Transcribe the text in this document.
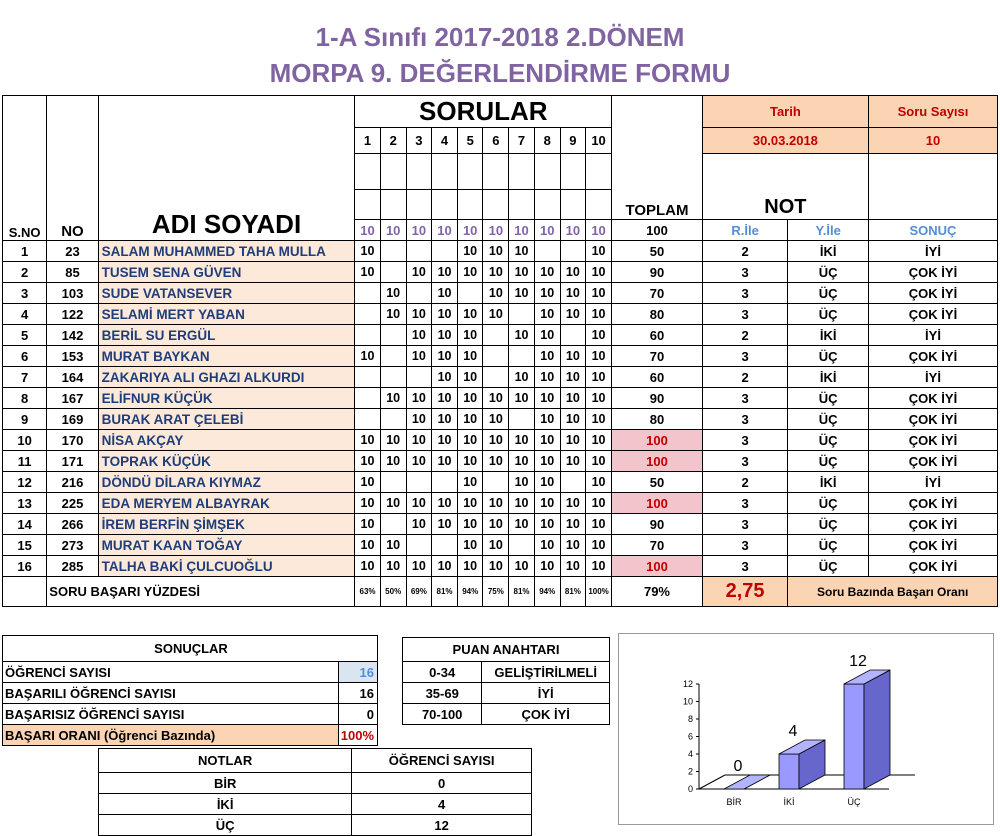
1-A Sınıfı 2017-2018 2.DÖNEM
MORPA 9. DEĞERLENDİRME FORMU
S.NO	NO	ADI SOYADI	SORULAR										TOPLAM	Tarih		Soru Sayısı
			1	2	3	4	5	6	7	8	9	10		30.03.2018		10
														NOT		

			10	10	10	10	10	10	10	10	10	10	100	R.İle	Y.İle	SONUÇ
1	23	SALAM MUHAMMED TAHA MULLA	10				10	10	10			10	50	2	İKİ	İYİ
2	85	TUSEM SENA GÜVEN	10		10	10	10	10	10	10	10	10	90	3	ÜÇ	ÇOK İYİ
3	103	SUDE VATANSEVER		10		10		10	10	10	10	10	70	3	ÜÇ	ÇOK İYİ
4	122	SELAMİ MERT YABAN		10	10	10	10	10		10	10	10	80	3	ÜÇ	ÇOK İYİ
5	142	BERİL SU ERGÜL			10	10	10		10	10		10	60	2	İKİ	İYİ
6	153	MURAT BAYKAN	10		10	10	10			10	10	10	70	3	ÜÇ	ÇOK İYİ
7	164	ZAKARIYA ALI GHAZI ALKURDI				10	10		10	10	10	10	60	2	İKİ	İYİ
8	167	ELİFNUR KÜÇÜK		10	10	10	10	10	10	10	10	10	90	3	ÜÇ	ÇOK İYİ
9	169	BURAK ARAT ÇELEBİ			10	10	10	10		10	10	10	80	3	ÜÇ	ÇOK İYİ
10	170	NİSA AKÇAY	10	10	10	10	10	10	10	10	10	10	100	3	ÜÇ	ÇOK İYİ
11	171	TOPRAK KÜÇÜK	10	10	10	10	10	10	10	10	10	10	100	3	ÜÇ	ÇOK İYİ
12	216	DÖNDÜ DİLARA KIYMAZ	10				10		10	10		10	50	2	İKİ	İYİ
13	225	EDA MERYEM ALBAYRAK	10	10	10	10	10	10	10	10	10	10	100	3	ÜÇ	ÇOK İYİ
14	266	İREM BERFİN ŞİMŞEK	10		10	10	10	10	10	10	10	10	90	3	ÜÇ	ÇOK İYİ
15	273	MURAT KAAN TOĞAY	10	10			10	10		10	10	10	70	3	ÜÇ	ÇOK İYİ
16	285	TALHA BAKİ ÇULCUOĞLU	10	10	10	10	10	10	10	10	10	10	100	3	ÜÇ	ÇOK İYİ
	SORU BAŞARI YÜZDESİ		63%	50%	69%	81%	94%	75%	81%	94%	81%	100%	79%	2,75	Soru Bazında Başarı Oranı	
SONUÇLAR	
ÖĞRENCİ SAYISI	16
BAŞARILI ÖĞRENCİ SAYISI	16
BAŞARISIZ ÖĞRENCİ SAYISI	0
BAŞARI ORANI (Öğrenci Bazında)	100%
PUAN ANAHTARI	
0-34	GELİŞTİRİLMELİ
35-69	İYİ
70-100	ÇOK İYİ
NOTLAR	ÖĞRENCİ SAYISI
BİR	0
İKİ	4
ÜÇ	12
0
2
4
6
8
10
12
0
BİR
4
İKİ
12
ÜÇ
